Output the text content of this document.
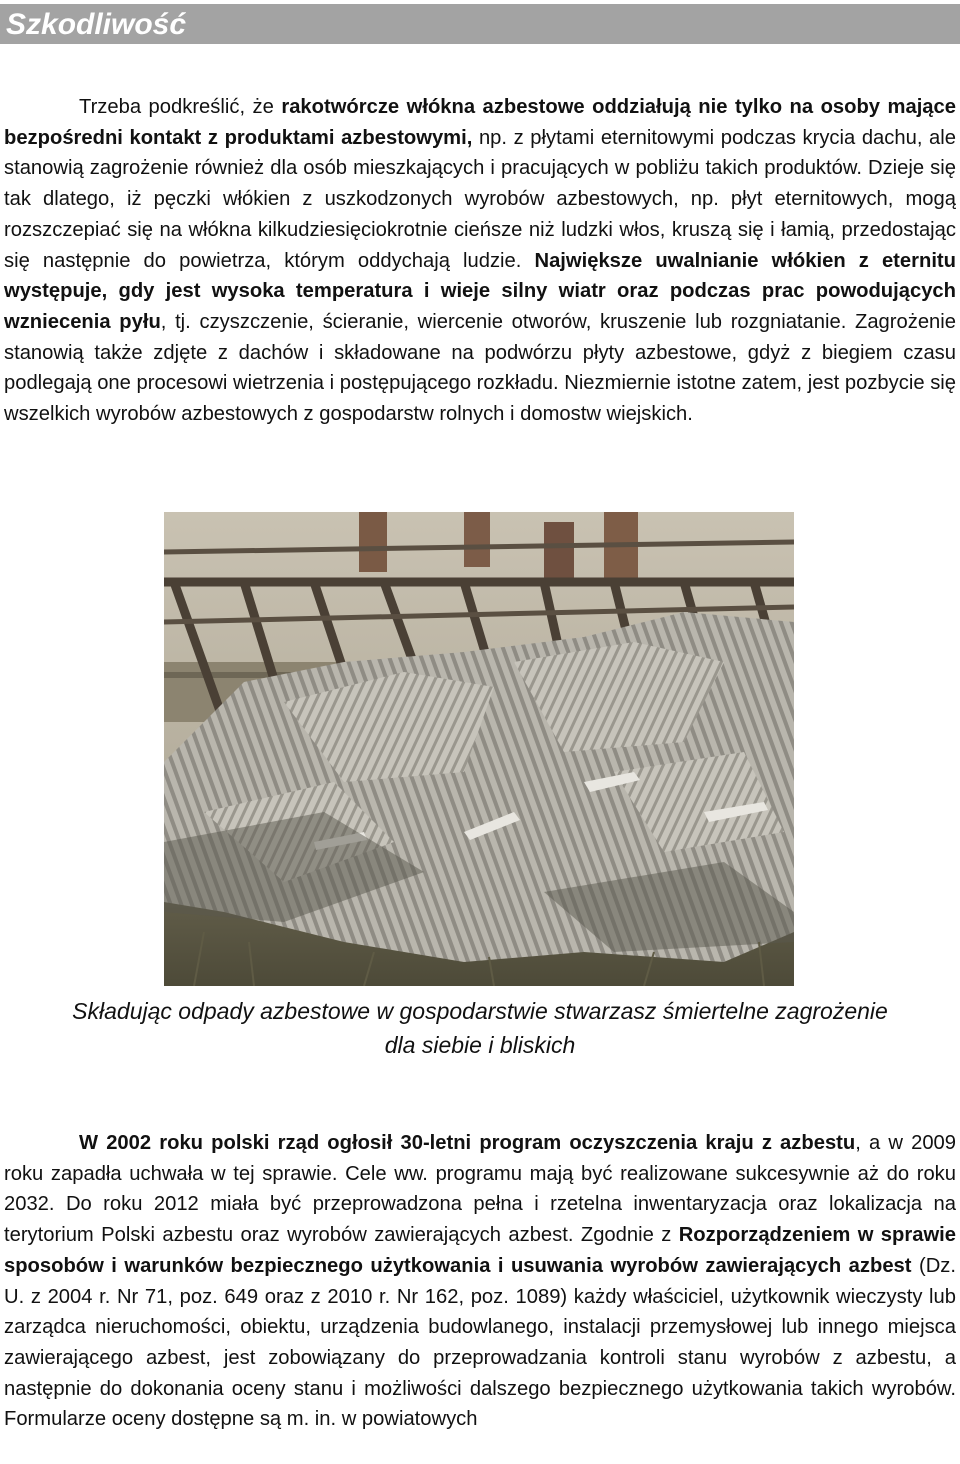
Szkodliwość

Trzeba podkreślić, że rakotwórcze włókna azbestowe oddziałują nie tylko na osoby mające bezpośredni kontakt z produktami azbestowymi, np. z płytami eternitowymi podczas krycia dachu, ale stanowią zagrożenie również dla osób mieszkających i pracujących w pobliżu takich produktów. Dzieje się tak dlatego, iż pęczki włókien z uszkodzonych wyrobów azbestowych, np. płyt eternitowych, mogą rozszczepiać się na włókna kilkudziesięciokrotnie cieńsze niż ludzki włos, kruszą się i łamią, przedostając się następnie do powietrza, którym oddychają ludzie. Największe uwalnianie włókien z eternitu występuje, gdy jest wysoka temperatura i wieje silny wiatr oraz podczas prac powodujących wzniecenia pyłu, tj. czyszczenie, ścieranie, wiercenie otworów, kruszenie lub rozgniatanie. Zagrożenie stanowią także zdjęte z dachów i składowane na podwórzu płyty azbestowe, gdyż z biegiem czasu podlegają one procesowi wietrzenia i postępującego rozkładu. Niezmiernie istotne zatem, jest pozbycie się wszelkich wyrobów azbestowych z gospodarstw rolnych i domostw wiejskich.

Składując odpady azbestowe w gospodarstwie stwarzasz śmiertelne zagrożenie
dla siebie i bliskich

W 2002 roku polski rząd ogłosił 30-letni program oczyszczenia kraju z azbestu, a w 2009 roku zapadła uchwała w tej sprawie. Cele ww. programu mają być realizowane sukcesywnie aż do roku 2032. Do roku 2012 miała być przeprowadzona pełna i rzetelna inwentaryzacja oraz lokalizacja na terytorium Polski azbestu oraz wyrobów zawierających azbest. Zgodnie z Rozporządzeniem w sprawie sposobów i warunków bezpiecznego użytkowania i usuwania wyrobów zawierających azbest (Dz. U. z 2004 r. Nr 71, poz. 649 oraz z 2010 r. Nr 162, poz. 1089) każdy właściciel, użytkownik wieczysty lub zarządca nieruchomości, obiektu, urządzenia budowlanego, instalacji przemysłowej lub innego miejsca zawierającego azbest, jest zobowiązany do przeprowadzania kontroli stanu wyrobów z azbestu, a następnie do dokonania oceny stanu i możliwości dalszego bezpiecznego użytkowania takich wyrobów. Formularze oceny dostępne są m. in. w powiatowych
